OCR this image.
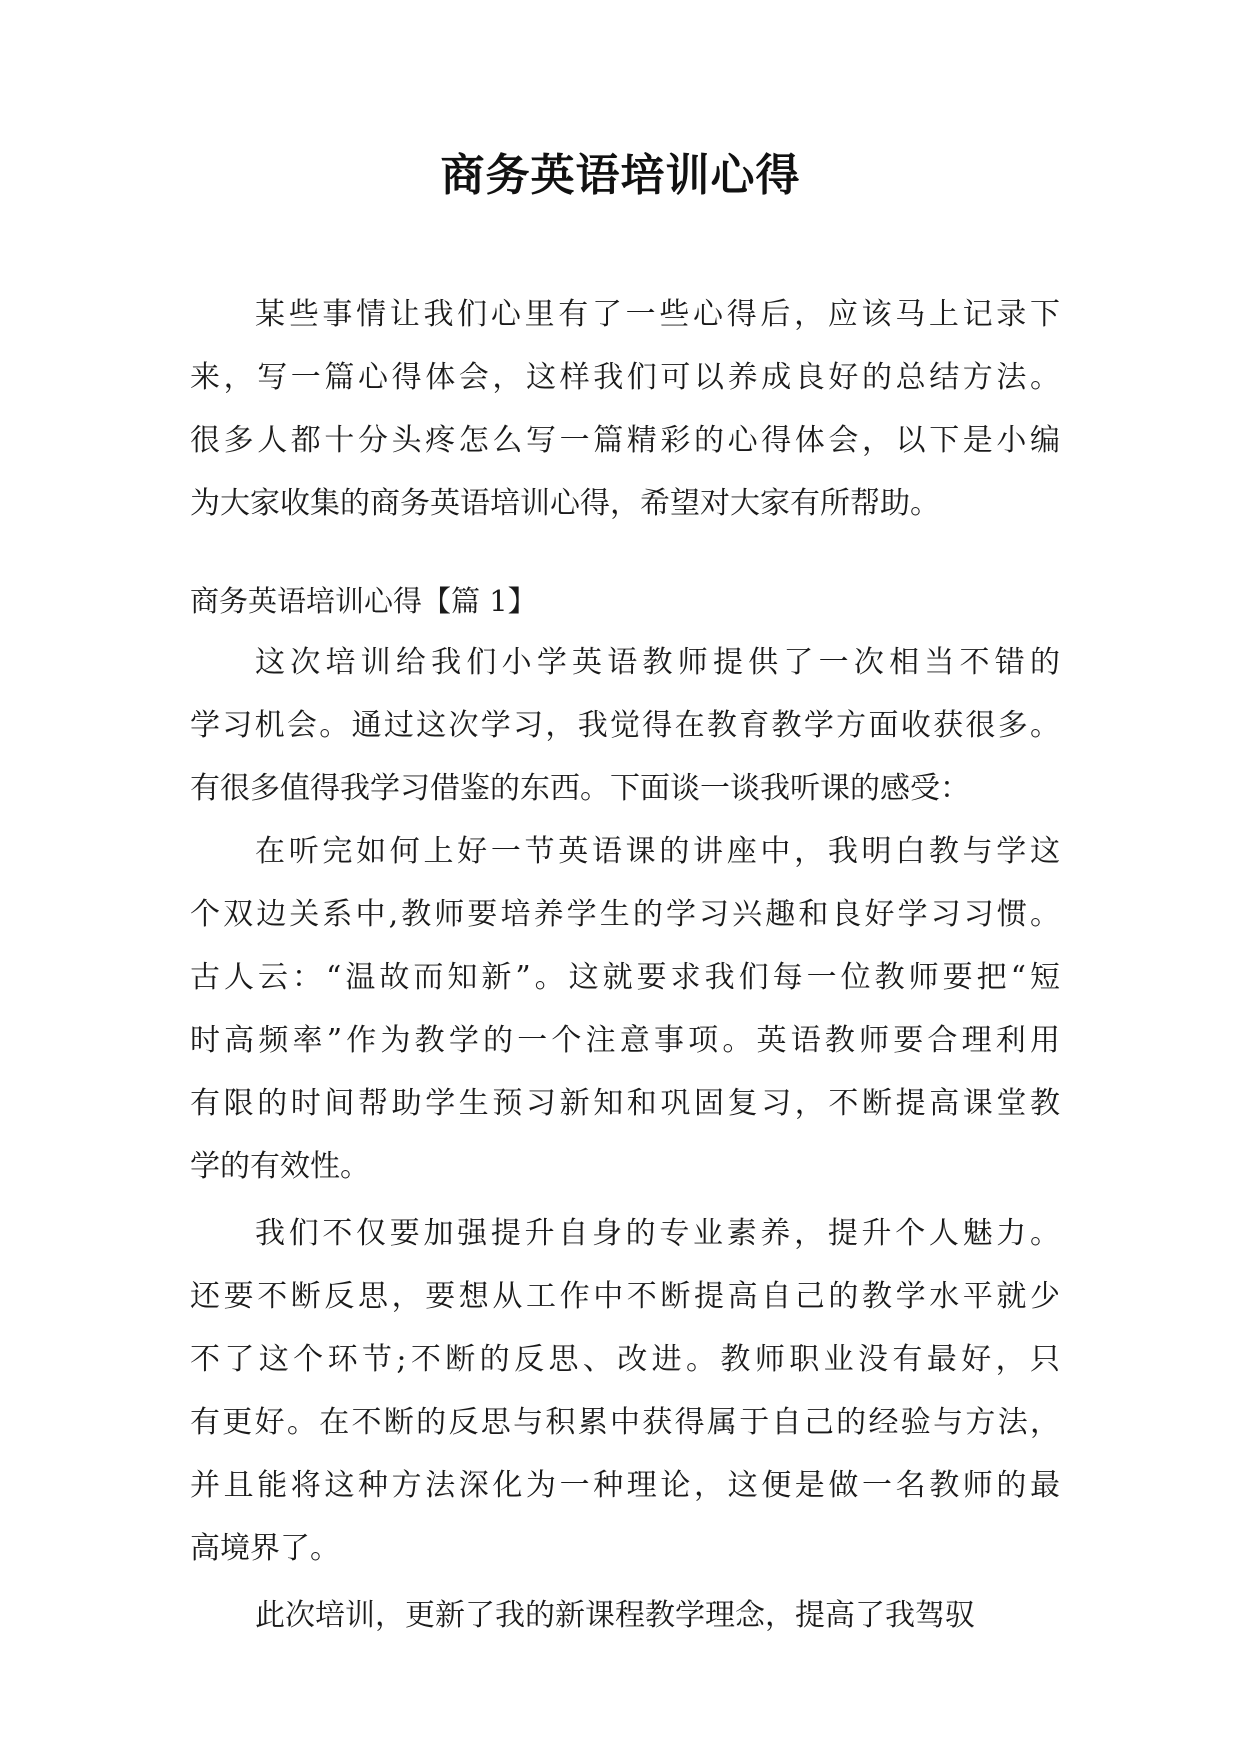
商务英语培训心得
某些事情让我们心里有了一些心得后，应该马上记录下
来，写一篇心得体会，这样我们可以养成良好的总结方法。
很多人都十分头疼怎么写一篇精彩的心得体会，以下是小编
为大家收集的商务英语培训心得，希望对大家有所帮助。
商务英语培训心得【篇 1】
这次培训给我们小学英语教师提供了一次相当不错的
学习机会。通过这次学习，我觉得在教育教学方面收获很多。
有很多值得我学习借鉴的东西。下面谈一谈我听课的感受：
在听完如何上好一节英语课的讲座中，我明白教与学这
个双边关系中,教师要培养学生的学习兴趣和良好学习习惯。
古人云：“温故而知新”。这就要求我们每一位教师要把“短
时高频率”作为教学的一个注意事项。英语教师要合理利用
有限的时间帮助学生预习新知和巩固复习，不断提高课堂教
学的有效性。
我们不仅要加强提升自身的专业素养，提升个人魅力。
还要不断反思，要想从工作中不断提高自己的教学水平就少
不了这个环节;不断的反思、改进。教师职业没有最好，只
有更好。在不断的反思与积累中获得属于自己的经验与方法，
并且能将这种方法深化为一种理论，这便是做一名教师的最
高境界了。
此次培训，更新了我的新课程教学理念，提高了我驾驭
